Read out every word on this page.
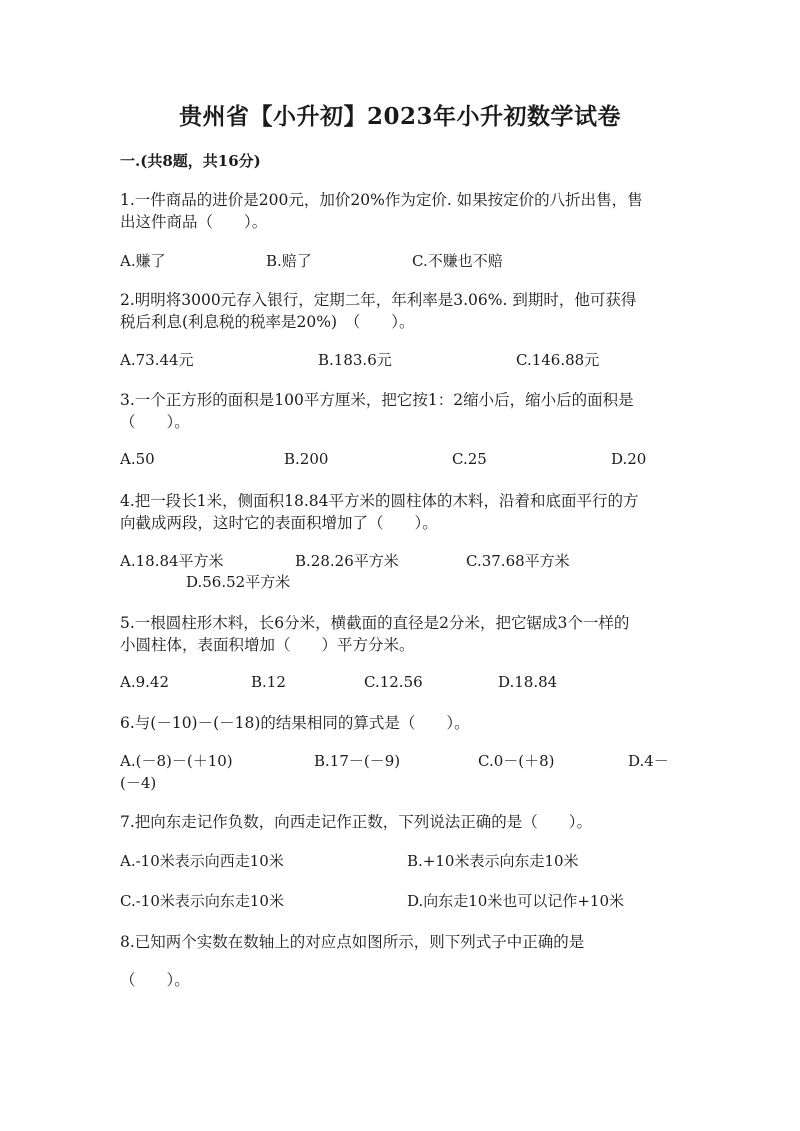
贵州省【小升初】2023年小升初数学试卷
一.(共8题，共16分)
1.一件商品的进价是200元，加价20%作为定价. 如果按定价的八折出售，售
出这件商品（　　）。
A.赚了	B.赔了	C.不赚也不赔
2.明明将3000元存入银行，定期二年，年利率是3.06%. 到期时，他可获得
税后利息(利息税的税率是20%)　（　　）。
A.73.44元	B.183.6元	C.146.88元
3.一个正方形的面积是100平方厘米，把它按1：2缩小后，缩小后的面积是
（　　）。
A.50	B.200	C.25	D.20
4.把一段长1米，侧面积18.84平方米的圆柱体的木料，沿着和底面平行的方
向截成两段，这时它的表面积增加了（　　）。
A.18.84平方米	B.28.26平方米	C.37.68平方米
D.56.52平方米
5.一根圆柱形木料，长6分米，横截面的直径是2分米，把它锯成3个一样的
小圆柱体，表面积增加（　　）平方分米。
A.9.42	B.12	C.12.56	D.18.84
6.与(－10)－(－18)的结果相同的算式是（　　）。
A.(－8)－(＋10)	B.17－(－9)	C.0－(＋8)	D.4－
(－4)
7.把向东走记作负数，向西走记作正数，下列说法正确的是（　　）。
A.-10米表示向西走10米	B.+10米表示向东走10米
C.-10米表示向东走10米	D.向东走10米也可以记作+10米
8.已知两个实数在数轴上的对应点如图所示，则下列式子中正确的是
（　　）。
